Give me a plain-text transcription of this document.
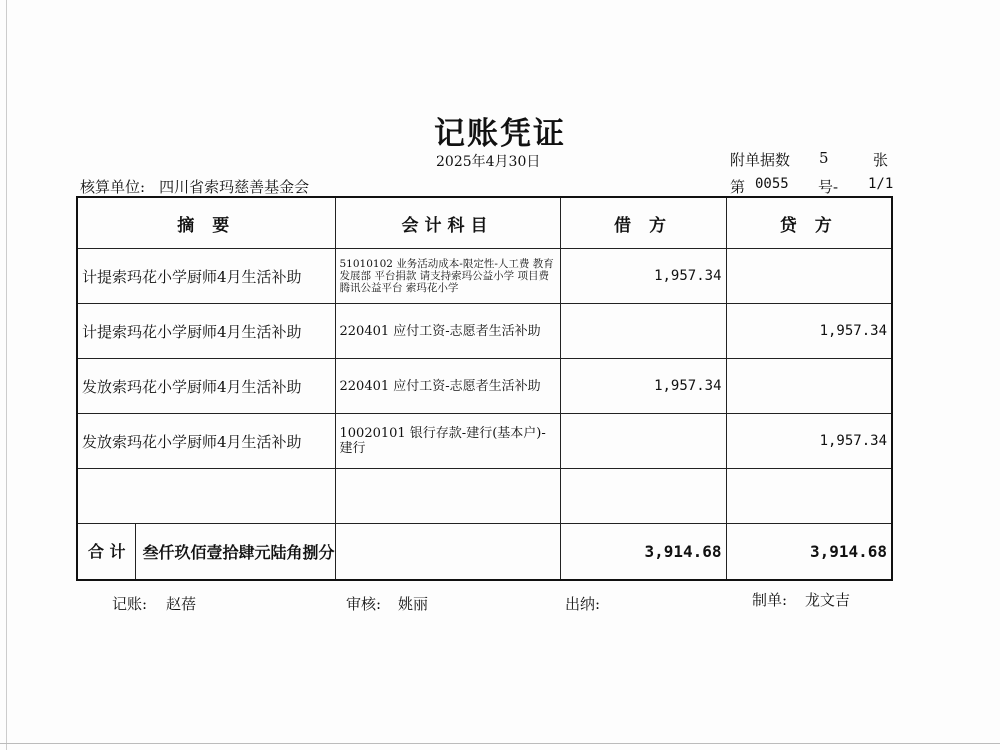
记账凭证
2025年4月30日	附单据数 5	张
核算单位: 四川省索玛慈善基金会	第 0055 号- 1/1
摘 要	会计科目	借 方	贷 方
计提索玛花小学厨师4月生活补助	51010102 业务活动成本-限定性-人工费 教育发展部 平台捐款 请支持索玛公益小学 项目费 腾讯公益平台 索玛花小学	1,957.34	
计提索玛花小学厨师4月生活补助	220401 应付工资-志愿者生活补助		1,957.34
发放索玛花小学厨师4月生活补助	220401 应付工资-志愿者生活补助	1,957.34	
发放索玛花小学厨师4月生活补助	10020101 银行存款-建行(基本户)-建行		1,957.34

合 计 叁仟玖佰壹拾肆元陆角捌分		3,914.68	3,914.68
记账: 赵蓓	审核: 姚丽	出纳:	制单: 龙文吉
